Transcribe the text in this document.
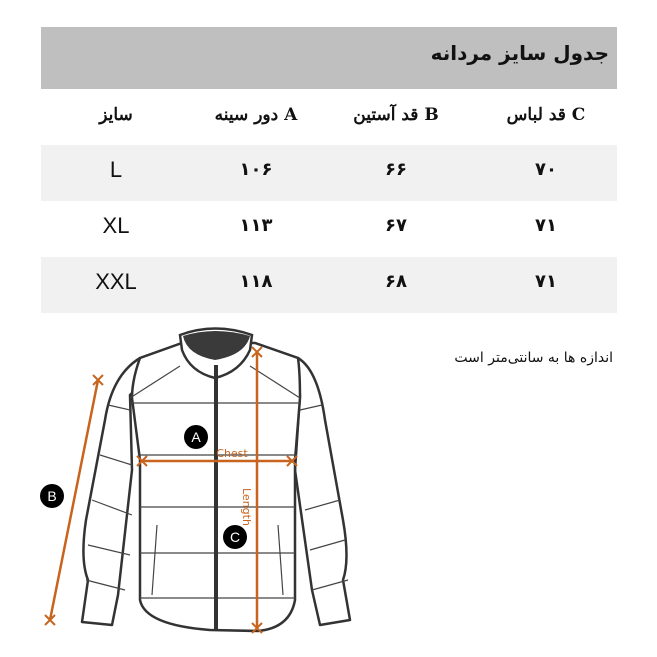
جدول سایز مردانه
سایز	A دور سینه	B قد آستین	C قد لباس
L	۱۰۶	۶۶	۷۰
XL	۱۱۳	۶۷	۷۱
XXL	۱۱۸	۶۸	۷۱
اندازه ها به سانتی‌متر است
Chest
Length
A
B
C
